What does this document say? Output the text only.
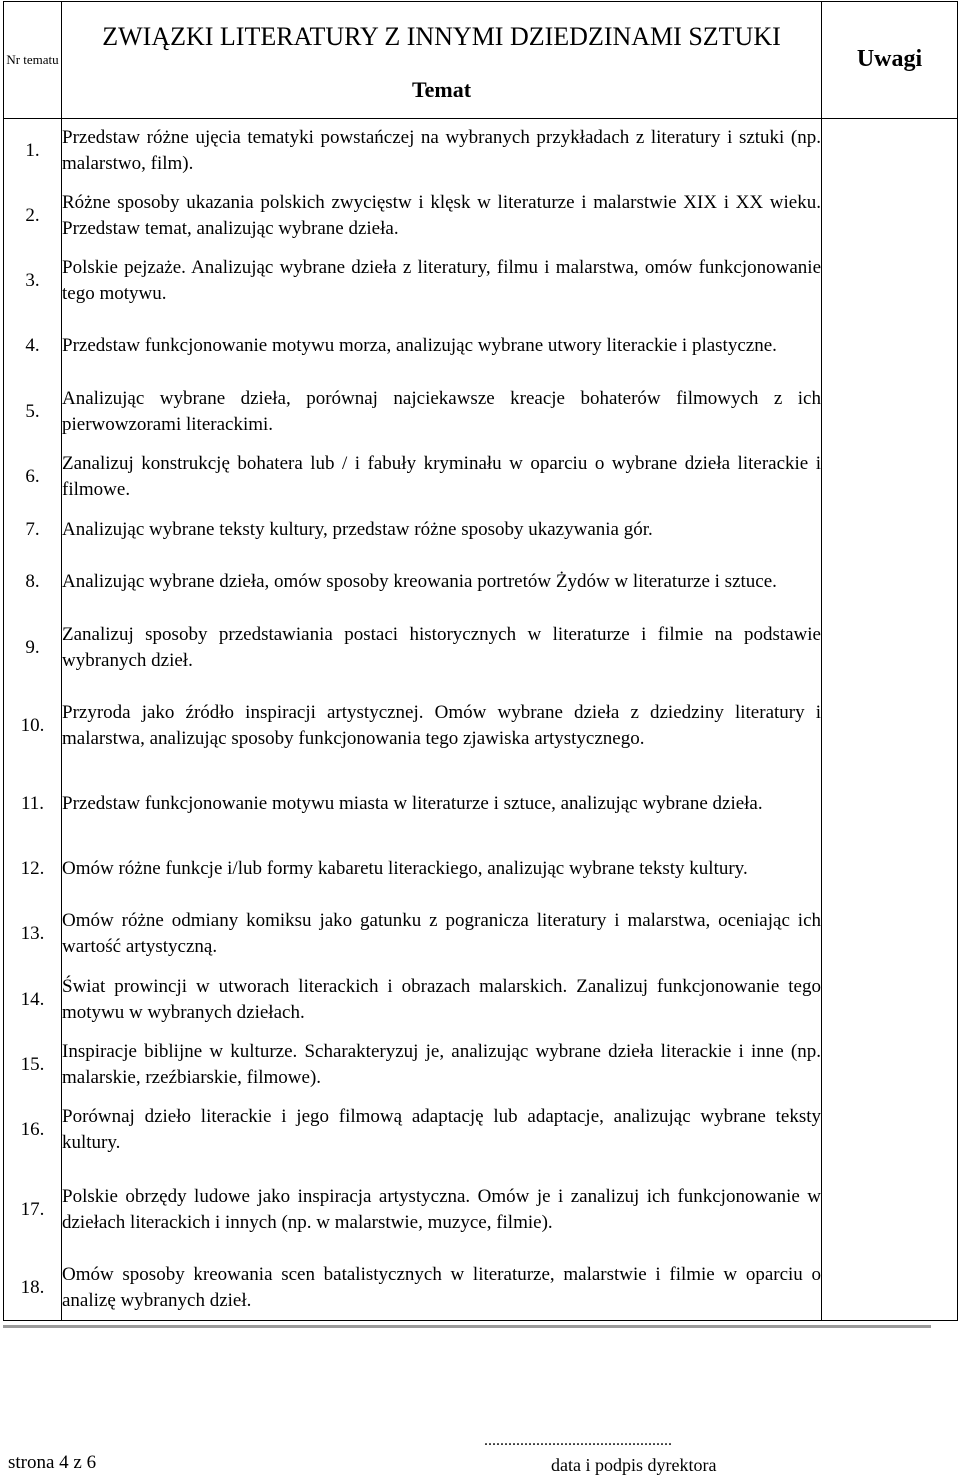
Nr tematu	ZWIĄZKI LITERATURY Z INNYMI DZIEDZINAMI SZTUKI	Uwagi
	Temat	
1.	Przedstaw różne ujęcia tematyki powstańczej na wybranych przykładach z literatury i sztuki (np. malarstwo, film).	
2.	Różne sposoby ukazania polskich zwycięstw i klęsk w literaturze i malarstwie XIX i XX wieku. Przedstaw temat, analizując wybrane dzieła.	
3.	Polskie pejzaże. Analizując wybrane dzieła z literatury, filmu i malarstwa, omów funkcjonowanie tego motywu.	
4.	Przedstaw funkcjonowanie motywu morza, analizując wybrane utwory literackie i plastyczne.	
5.	Analizując wybrane dzieła, porównaj najciekawsze kreacje bohaterów filmowych z ich pierwowzorami literackimi.	
6.	Zanalizuj konstrukcję bohatera lub / i fabuły kryminału w oparciu o wybrane dzieła literackie i filmowe.	
7.	Analizując wybrane teksty kultury, przedstaw różne sposoby ukazywania gór.	
8.	Analizując wybrane dzieła, omów sposoby kreowania portretów Żydów w literaturze i sztuce.	
9.	Zanalizuj sposoby przedstawiania postaci historycznych w literaturze i filmie na podstawie wybranych dzieł.	
10.	Przyroda jako źródło inspiracji artystycznej. Omów wybrane dzieła z dziedziny literatury i malarstwa, analizując sposoby funkcjonowania tego zjawiska artystycznego.	
11.	Przedstaw funkcjonowanie motywu miasta w literaturze i sztuce, analizując wybrane dzieła.	
12.	Omów różne funkcje i/lub formy kabaretu literackiego, analizując wybrane teksty kultury.	
13.	Omów różne odmiany komiksu jako gatunku z pogranicza literatury i malarstwa, oceniając ich wartość artystyczną.	
14.	Świat prowincji w utworach literackich i obrazach malarskich. Zanalizuj funkcjonowanie tego motywu w wybranych dziełach.	
15.	Inspiracje biblijne w kulturze. Scharakteryzuj je, analizując wybrane dzieła literackie i inne (np. malarskie, rzeźbiarskie, filmowe).	
16.	Porównaj dzieło literackie i jego filmową adaptację lub adaptacje, analizując wybrane teksty kultury.	
17.	Polskie obrzędy ludowe jako inspiracja artystyczna. Omów je i zanalizuj ich funkcjonowanie w dziełach literackich i innych (np. w malarstwie, muzyce, filmie).	
18.	Omów sposoby kreowania scen batalistycznych w literaturze, malarstwie i filmie w oparciu o analizę wybranych dzieł.	
strona 4 z 6
...............................................
data i podpis dyrektora
